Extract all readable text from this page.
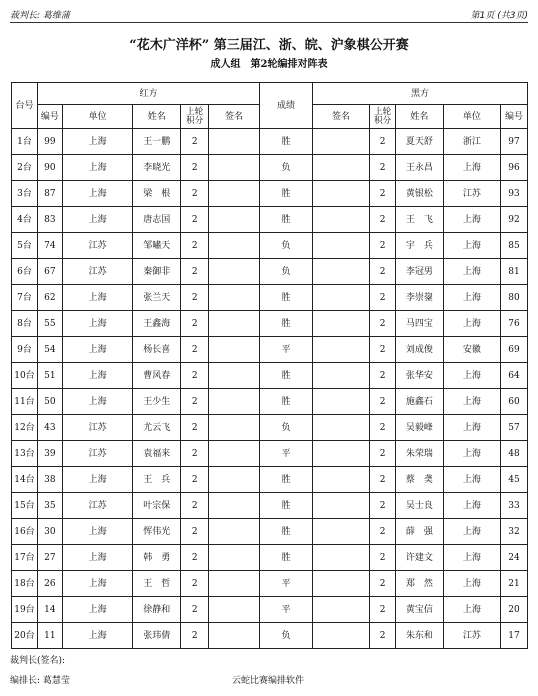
裁判长: 葛维蒲	第1页 (共3页)
“花木广洋杯” 第三届江、浙、皖、沪象棋公开赛
成人组　第2轮编排对阵表
台号	红方					成绩	黑方				
	编号	单位	姓名	上轮
积分	签名		签名	上轮
积分	姓名	单位	编号
1台	99	上海	王一鹏	2		胜		2	夏天舒	浙江	97
2台	90	上海	李晓光	2		负		2	王永昌	上海	96
3台	87	上海	梁　根	2		胜		2	黄银松	江苏	93
4台	83	上海	唐志国	2		胜		2	王　飞	上海	92
5台	74	江苏	邹嘯天	2		负		2	宇　兵	上海	85
6台	67	江苏	秦御非	2		负		2	李冠男	上海	81
7台	62	上海	张兰天	2		胜		2	李崇鋆	上海	80
8台	55	上海	王鑫海	2		胜		2	马四宝	上海	76
9台	54	上海	杨长喜	2		平		2	刘成俊	安徽	69
10台	51	上海	曹风春	2		胜		2	张华安	上海	64
11台	50	上海	王少生	2		胜		2	施鑫石	上海	60
12台	43	江苏	尤云飞	2		负		2	吴毅峰	上海	57
13台	39	江苏	袁福来	2		平		2	朱荣瑞	上海	48
14台	38	上海	王　兵	2		胜		2	蔡　䶮	上海	45
15台	35	江苏	叶宗保	2		胜		2	吴士良	上海	33
16台	30	上海	恽伟光	2		胜		2	薛　强	上海	32
17台	27	上海	韩　勇	2		胜		2	许建文	上海	24
18台	26	上海	王　哲	2		平		2	郑　然	上海	21
19台	14	上海	徐静和	2		平		2	黄宝信	上海	20
20台	11	上海	张玮倩	2		负		2	朱东和	江苏	17
裁判长(签名):
编排长: 葛慧莹	云蛇比赛编排软件
